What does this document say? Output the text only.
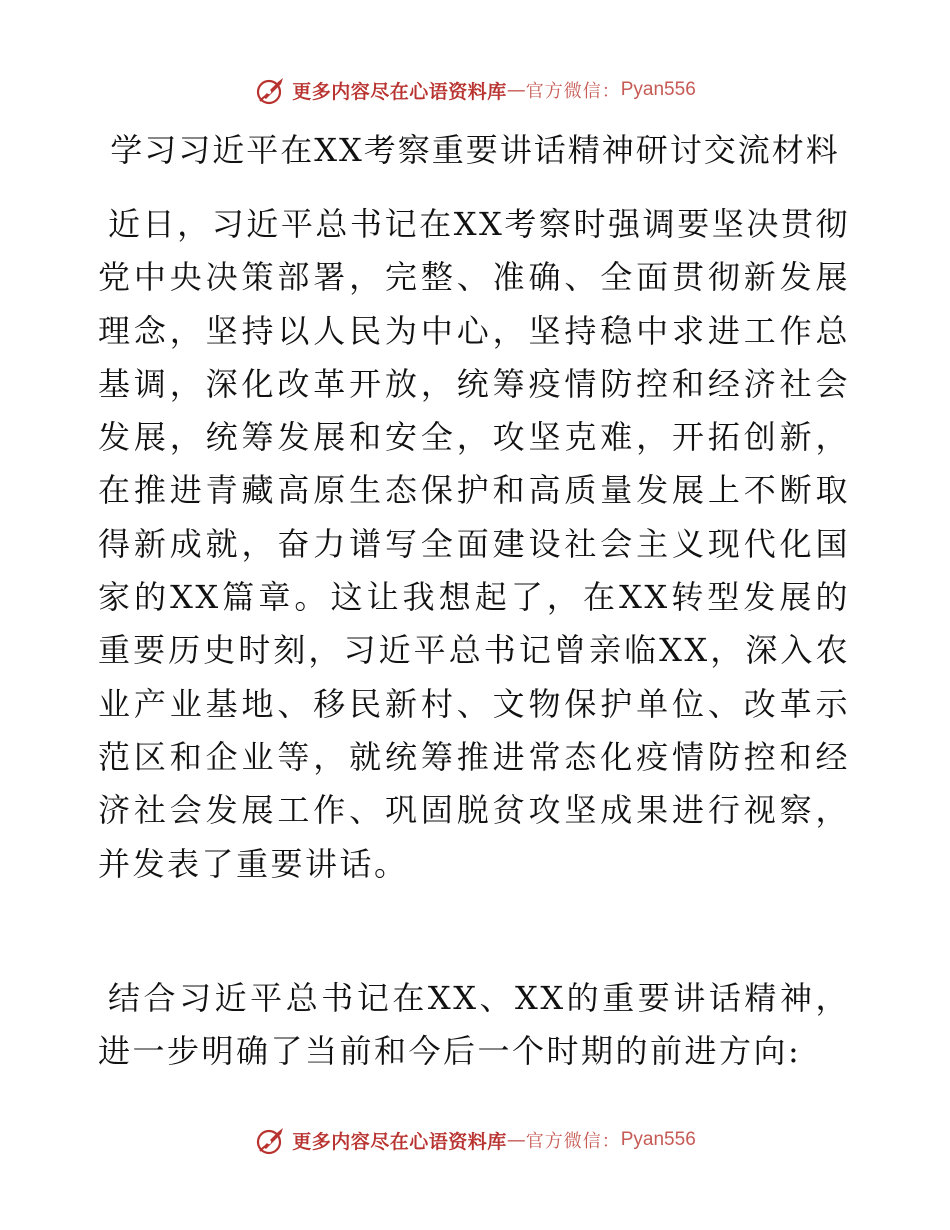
更多内容尽在心语资料库 — 官方微信： Pyan556
学习习近平在XX考察重要讲话精神研讨交流材料
近日，习近平总书记在XX考察时强调要坚决贯彻党中央决策部署，完整、准确、全面贯彻新发展理念，坚持以人民为中心，坚持稳中求进工作总基调，深化改革开放，统筹疫情防控和经济社会发展，统筹发展和安全，攻坚克难，开拓创新，在推进青藏高原生态保护和高质量发展上不断取得新成就，奋力谱写全面建设社会主义现代化国家的XX篇章。这让我想起了，在XX转型发展的重要历史时刻，习近平总书记曾亲临XX，深入农业产业基地、移民新村、文物保护单位、改革示范区和企业等，就统筹推进常态化疫情防控和经济社会发展工作、巩固脱贫攻坚成果进行视察，并发表了重要讲话。
结合习近平总书记在XX、XX的重要讲话精神，进一步明确了当前和今后一个时期的前进方向:
更多内容尽在心语资料库 — 官方微信： Pyan556
